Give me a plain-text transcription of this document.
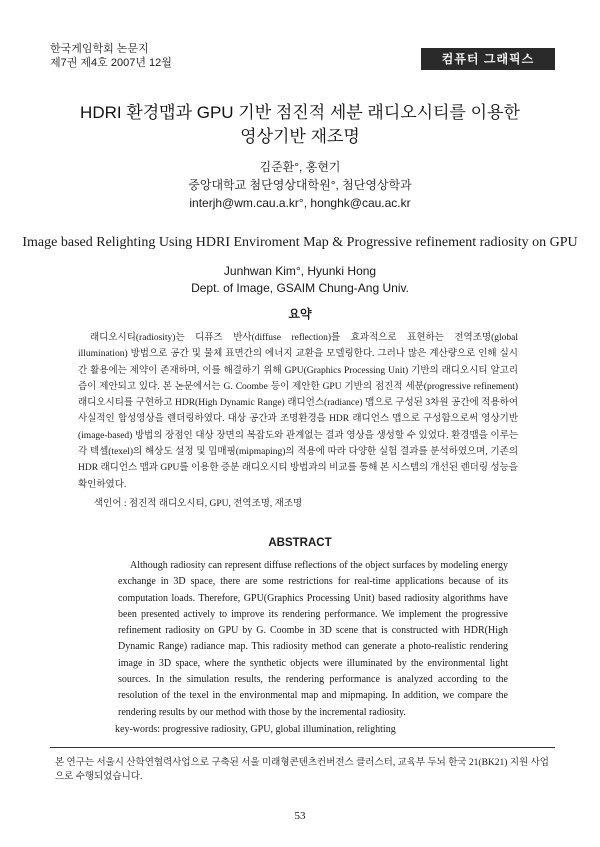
한국게임학회 논문지
제7권 제4호 2007년 12월	컴퓨터 그래픽스
HDRI 환경맵과 GPU 기반 점진적 세분 래디오시티를 이용한
영상기반 재조명
김준환°, 홍현기
중앙대학교 첨단영상대학원°, 첨단영상학과
interjh@wm.cau.a.kr°, honghk@cau.ac.kr
Image based Relighting Using HDRI Enviroment Map & Progressive refinement radiosity on GPU
Junhwan Kim°, Hyunki Hong
Dept. of Image, GSAIM Chung-Ang Univ.
요약
래디오시티(radiosity)는 디퓨즈 반사(diffuse reflection)를 효과적으로 표현하는 전역조명(global illumination) 방법으로 공간 및 물체 표면간의 에너지 교환을 모델링한다. 그러나 많은 계산량으로 인해 실시간 활용에는 제약이 존재하며, 이를 해결하기 위해 GPU(Graphics Processing Unit) 기반의 래디오시티 알고리즘이 제안되고 있다. 본 논문에서는 G. Coombe 등이 제안한 GPU 기반의 점진적 세분(progressive refinement) 래디오시티를 구현하고 HDR(High Dynamic Range) 래디언스(radiance) 맵으로 구성된 3차원 공간에 적용하여 사실적인 합성영상을 렌더링하였다. 대상 공간과 조명환경을 HDR 래디언스 맵으로 구성함으로써 영상기반(image-based) 방법의 장점인 대상 장면의 복잡도와 관계없는 결과 영상을 생성할 수 있었다. 환경맵을 이루는 각 텍셀(texel)의 해상도 설정 및 밉매핑(mipmaping)의 적용에 따라 다양한 실험 결과를 분석하였으며, 기존의 HDR 래디언스 맵과 GPU를 이용한 증분 래디오시티 방법과의 비교를 통해 본 시스템의 개선된 렌더링 성능을 확인하였다.
색인어 : 점진적 래디오시티, GPU, 전역조명, 재조명
ABSTRACT
Although radiosity can represent diffuse reflections of the object surfaces by modeling energy exchange in 3D space, there are some restrictions for real-time applications because of its computation loads. Therefore, GPU(Graphics Processing Unit) based radiosity algorithms have been presented actively to improve its rendering performance. We implement the progressive refinement radiosity on GPU by G. Coombe in 3D scene that is constructed with HDR(High Dynamic Range) radiance map. This radiosity method can generate a photo-realistic rendering image in 3D space, where the synthetic objects were illuminated by the environmental light sources. In the simulation results, the rendering performance is analyzed according to the resolution of the texel in the environmental map and mipmaping. In addition, we compare the rendering results by our method with those by the incremental radiosity.
key-words: progressive radiosity, GPU, global illumination, relighting
본 연구는 서울시 산학연협력사업으로 구축된 서울 미래형콘텐츠컨버전스 클러스터, 교육부 두뇌 한국 21(BK21) 지원 사업으로 수행되었습니다.
53
